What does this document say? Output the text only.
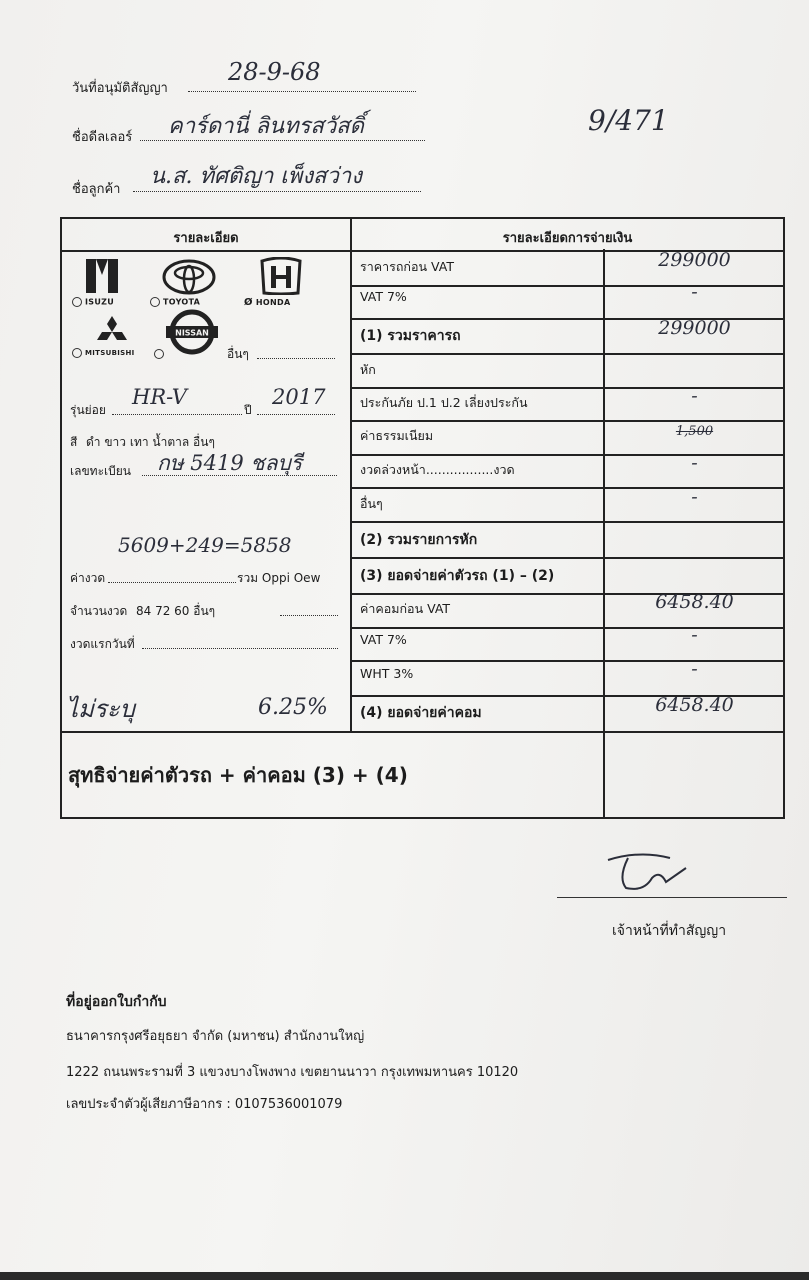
วันที่อนุมัติสัญญา
28-9-68
ชื่อดีลเลอร์ คาร์ดานี่ ลินทรสวัสดิ์	9/471
ชื่อลูกค้า
น.ส. ทัศติญา เพ็งสว่าง
รายละเอียด	รายละเอียดการจ่ายเงิน
ISUZU	TOYOTA	Ø HONDA
MITSUBISHI
NISSAN
อื่นๆ
รุ่นย่อย
HR-V
ปี
2017
สี ดำ ขาว เทา น้ำตาล อื่นๆ
เลขทะเบียน กษ 5419 ชลบุรี
5609+249=5858
ค่างวด	รวม Oppi Oew
จำนวนงวด 84 72 60 อื่นๆ
งวดแรกวันที่
ไม่ระบุ	6.25%
ราคารถก่อน VAT	299000
VAT 7%	-
(1) รวมราคารถ	299000
หัก
ประกันภัย ป.1 ป.2 เลี่ยงประกัน	-
ค่าธรรมเนียม	1,500
งวดล่วงหน้า.................งวด	-
อื่นๆ	-
(2) รวมรายการหัก
(3) ยอดจ่ายค่าตัวรถ (1) – (2)
ค่าคอมก่อน VAT	6458.40
VAT 7%	-
WHT 3%	-
(4) ยอดจ่ายค่าคอม	6458.40
สุทธิจ่ายค่าตัวรถ + ค่าคอม (3) + (4)
เจ้าหน้าที่ทำสัญญา
ที่อยู่ออกใบกำกับ
ธนาคารกรุงศรีอยุธยา จำกัด (มหาชน) สำนักงานใหญ่
1222 ถนนพระรามที่ 3 แขวงบางโพงพาง เขตยานนาวา กรุงเทพมหานคร 10120
เลขประจำตัวผู้เสียภาษีอากร : 0107536001079
